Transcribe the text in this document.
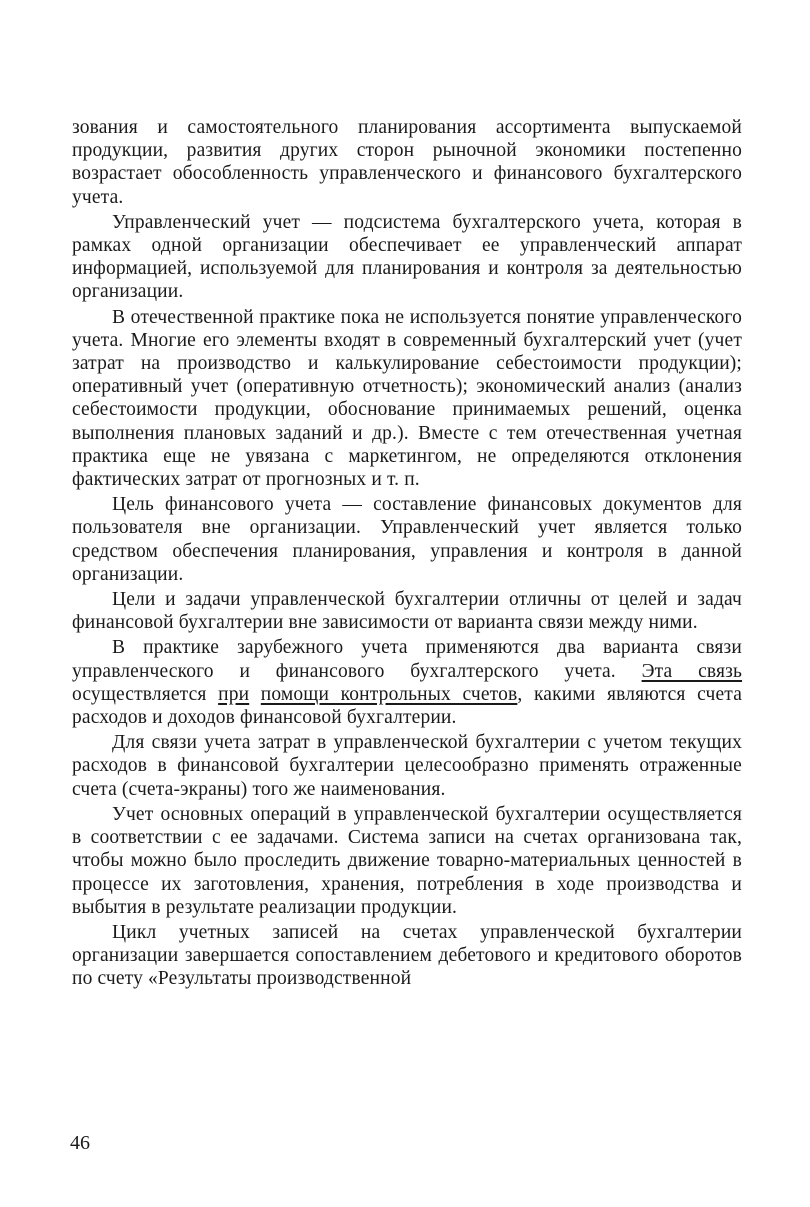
зования и самостоятельного планирования ассортимента выпускаемой продукции, развития других сторон рыночной экономики постепенно возрастает обособленность управленческого и финансового бухгалтерского учета.

Управленческий учет — подсистема бухгалтерского учета, которая в рамках одной организации обеспечивает ее управленческий аппарат информацией, используемой для планирования и контроля за деятельностью организации.

В отечественной практике пока не используется понятие управленческого учета. Многие его элементы входят в современный бухгалтерский учет (учет затрат на производство и калькулирование себестоимости продукции); оперативный учет (оперативную отчетность); экономический анализ (анализ себестоимости продукции, обоснование принимаемых решений, оценка выполнения плановых заданий и др.). Вместе с тем отечественная учетная практика еще не увязана с маркетингом, не определяются отклонения фактических затрат от прогнозных и т. п.

Цель финансового учета — составление финансовых документов для пользователя вне организации. Управленческий учет является только средством обеспечения планирования, управления и контроля в данной организации.

Цели и задачи управленческой бухгалтерии отличны от целей и задач финансовой бухгалтерии вне зависимости от варианта связи между ними.

В практике зарубежного учета применяются два варианта связи управленческого и финансового бухгалтерского учета. Эта связь осуществляется при помощи контрольных счетов, какими являются счета расходов и доходов финансовой бухгалтерии.

Для связи учета затрат в управленческой бухгалтерии с учетом текущих расходов в финансовой бухгалтерии целесообразно применять отраженные счета (счета-экраны) того же наименования.

Учет основных операций в управленческой бухгалтерии осуществляется в соответствии с ее задачами. Система записи на счетах организована так, чтобы можно было проследить движение товарно-материальных ценностей в процессе их заготовления, хранения, потребления в ходе производства и выбытия в результате реализации продукции.

Цикл учетных записей на счетах управленческой бухгалтерии организации завершается сопоставлением дебетового и кредитового оборотов по счету «Результаты производственной

46
